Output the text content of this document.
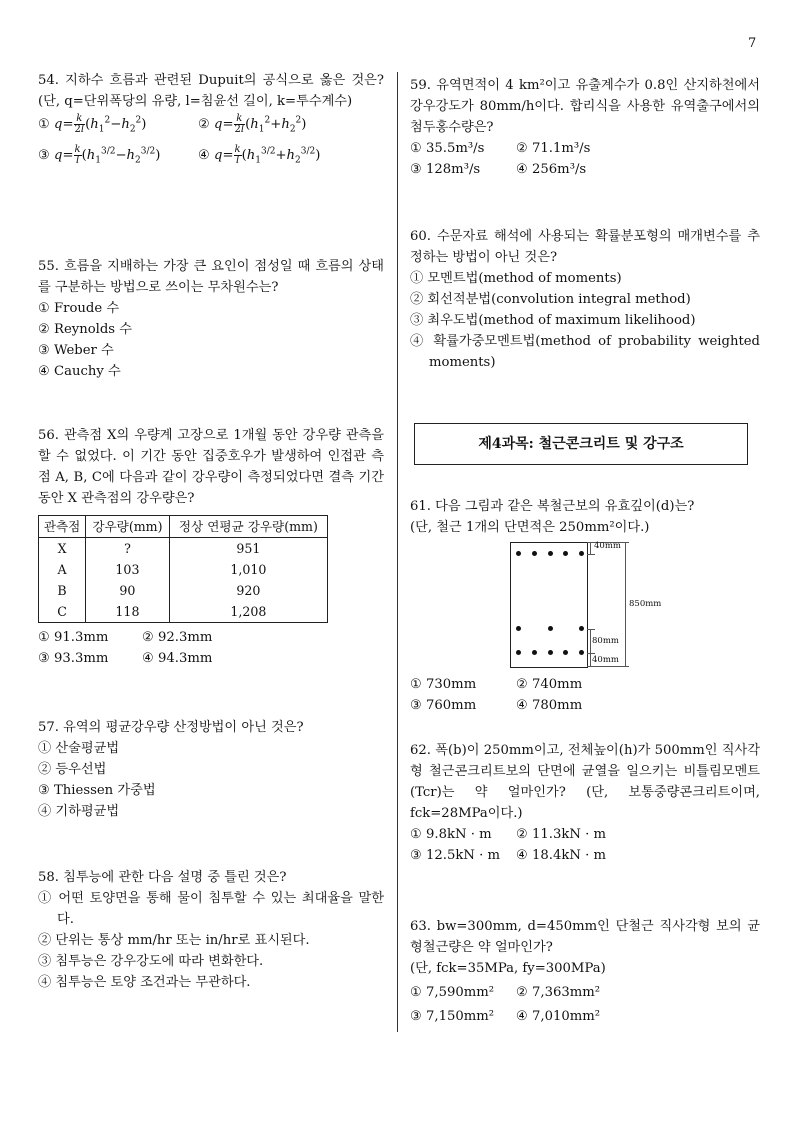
7

54. 지하수 흐름과 관련된 Dupuit의 공식으로 옳은 것은? (단, q=단위폭당의 유량, l=침윤선 길이, k=투수계수)

① $q= \frac{k}{2l} (h_1^2-h_2^2)$	② $q= \frac{k}{2l} (h_1^2+h_2^2)$
③ $q= \frac{k}{l} (h_1^{3/2}-h_2^{3/2})$	④ $q= \frac{k}{l} (h_1^{3/2}+h_2^{3/2})$

55. 흐름을 지배하는 가장 큰 요인이 점성일 때 흐름의 상태를 구분하는 방법으로 쓰이는 무차원수는?

① Froude 수

② Reynolds 수

③ Weber 수

④ Cauchy 수

56. 관측점 X의 우량계 고장으로 1개월 동안 강우량 관측을 할 수 없었다. 이 기간 동안 집중호우가 발생하여 인접관 측점 A, B, C에 다음과 같이 강우량이 측정되었다면 결측 기간 동안 X 관측점의 강우량은?

관측점	강우량(mm)	정상 연평균 강우량(mm)
X	?	951
A	103	1,010
B	90	920
C	118	1,208
① 91.3mm	② 92.3mm
③ 93.3mm	④ 94.3mm

57. 유역의 평균강우량 산정방법이 아닌 것은?

① 산술평균법

② 등우선법

③ Thiessen 가중법

④ 기하평균법

58. 침투능에 관한 다음 설명 중 틀린 것은?

① 어떤 토양면을 통해 물이 침투할 수 있는 최대율을 말한다.

② 단위는 통상 mm/hr 또는 in/hr로 표시된다.

③ 침투능은 강우강도에 따라 변화한다.

④ 침투능은 토양 조건과는 무관하다.

59. 유역면적이 4 km²이고 유출계수가 0.8인 산지하천에서 강우강도가 80mm/h이다. 합리식을 사용한 유역출구에서의 첨두홍수량은?

① 35.5m³/s	② 71.1m³/s
③ 128m³/s	④ 256m³/s

60. 수문자료 해석에 사용되는 확률분포형의 매개변수를 추정하는 방법이 아닌 것은?

① 모멘트법(method of moments)

② 회선적분법(convolution integral method)

③ 최우도법(method of maximum likelihood)

④ 확률가중모멘트법(method of probability weighted moments)

제4과목: 철근콘크리트 및 강구조

61. 다음 그림과 같은 복철근보의 유효깊이(d)는?

(단, 철근 1개의 단면적은 250mm²이다.)

40mm
850mm
80mm
40mm
① 730mm	② 740mm
③ 760mm	④ 780mm

62. 폭(b)이 250mm이고, 전체높이(h)가 500mm인 직사각형 철근콘크리트보의 단면에 균열을 일으키는 비틀림모멘트(Tcr)는 약 얼마인가? (단, 보통중량콘크리트이며, fck=28MPa이다.)

① 9.8kN · m	② 11.3kN · m
③ 12.5kN · m	④ 18.4kN · m

63. bw=300mm, d=450mm인 단철근 직사각형 보의 균형철근량은 약 얼마인가?

(단, fck=35MPa, fy=300MPa)

① 7,590mm²	② 7,363mm²
③ 7,150mm²	④ 7,010mm²
